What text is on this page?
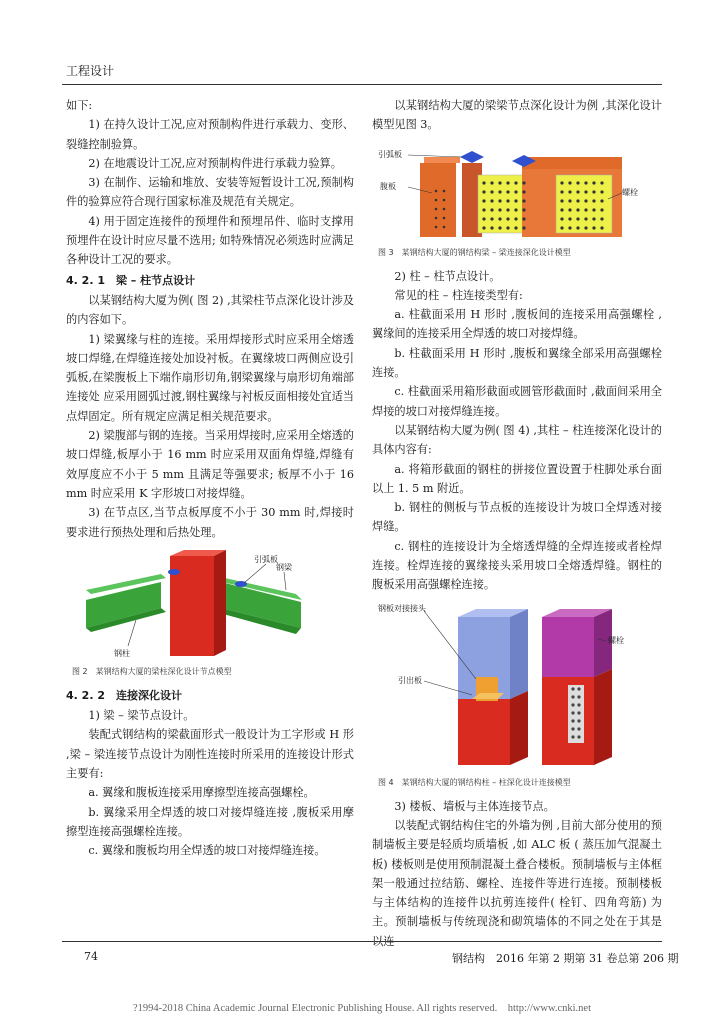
工程设计

如下:

1) 在持久设计工况,应对预制构件进行承载力、变形、裂缝控制验算。

2) 在地震设计工况,应对预制构件进行承载力验算。

3) 在制作、运输和堆放、安装等短暂设计工况,预制构件的验算应符合现行国家标准及规范有关规定。

4) 用于固定连接件的预埋件和预埋吊件、临时支撑用预埋件在设计时应尽量不选用; 如特殊情况必须选时应满足各种设计工况的要求。

4. 2. 1　梁 – 柱节点设计

以某钢结构大厦为例( 图 2) ,其梁柱节点深化设计涉及的内容如下。

1) 梁翼缘与柱的连接。采用焊接形式时应采用全熔透坡口焊缝,在焊缝连接处加设衬板。在翼缘坡口两侧应设引弧板,在梁腹板上下端作扇形切角,钢梁翼缘与扇形切角端部连接处 应采用圆弧过渡,钢柱翼缘与衬板反面相接处宜适当点焊固定。所有规定应满足相关规范要求。

2) 梁腹部与钢的连接。当采用焊接时,应采用全熔透的坡口焊缝,板厚小于 16 mm 时应采用双面角焊缝,焊缝有效厚度应不小于 5 mm 且满足等强要求; 板厚不小于 16 mm 时应采用 K 字形坡口对接焊缝。

3) 在节点区,当节点板厚度不小于 30 mm 时,焊接时要求进行预热处理和后热处理。

引弧板
钢梁
钢柱
图 2　某钢结构大厦的梁柱深化设计节点模型

4. 2. 2　连接深化设计

1) 梁 – 梁节点设计。

装配式钢结构的梁截面形式一般设计为工字形或 H 形 ,梁 – 梁连接节点设计为刚性连接时所采用的连接设计形式主要有:

a. 翼缘和腹板连接采用摩擦型连接高强螺栓。

b. 翼缘采用全焊透的坡口对接焊缝连接 ,腹板采用摩擦型连接高强螺栓连接。

c. 翼缘和腹板均用全焊透的坡口对接焊缝连接。

以某钢结构大厦的梁梁节点深化设计为例 ,其深化设计模型见图 3。

引弧板
腹板
螺栓
图 3　某钢结构大厦的钢结构梁 – 梁连接深化设计模型

2) 柱 – 柱节点设计。

常见的柱 – 柱连接类型有:

a. 柱截面采用 H 形时 ,腹板间的连接采用高强螺栓 ,翼缘间的连接采用全焊透的坡口对接焊缝。

b. 柱截面采用 H 形时 ,腹板和翼缘全部采用高强螺栓连接。

c. 柱截面采用箱形截面或圆管形截面时 ,截面间采用全焊接的坡口对接焊缝连接。

以某钢结构大厦为例( 图 4) ,其柱 – 柱连接深化设计的具体内容有:

a. 将箱形截面的钢柱的拼接位置设置于柱脚处承台面以上 1. 5 m 附近。

b. 钢柱的侧板与节点板的连接设计为坡口全焊透对接焊缝。

c. 钢柱的连接设计为全熔透焊缝的全焊连接或者栓焊连接。栓焊连接的翼缘接头采用坡口全熔透焊缝。钢柱的腹板采用高强螺栓连接。

钢板对接接头
螺栓
引出板
图 4　某钢结构大厦的钢结构柱 – 柱深化设计连接模型

3) 楼板、墙板与主体连接节点。

以装配式钢结构住宅的外墙为例 ,目前大部分使用的预制墙板主要是轻质均质墙板 ,如 ALC 板 ( 蒸压加气混凝土板) 楼板则是使用预制混凝土叠合楼板。预制墙板与主体框架一般通过拉结筋、螺栓、连接件等进行连接。预制楼板与主体结构的连接件以抗剪连接件( 栓钉、四角弯筋) 为主。预制墙板与传统现浇和砌筑墙体的不同之处在于其是以连

74	钢结构　2016 年第 2 期第 31 卷总第 206 期
?1994-2018 China Academic Journal Electronic Publishing House. All rights reserved.　http://www.cnki.net
